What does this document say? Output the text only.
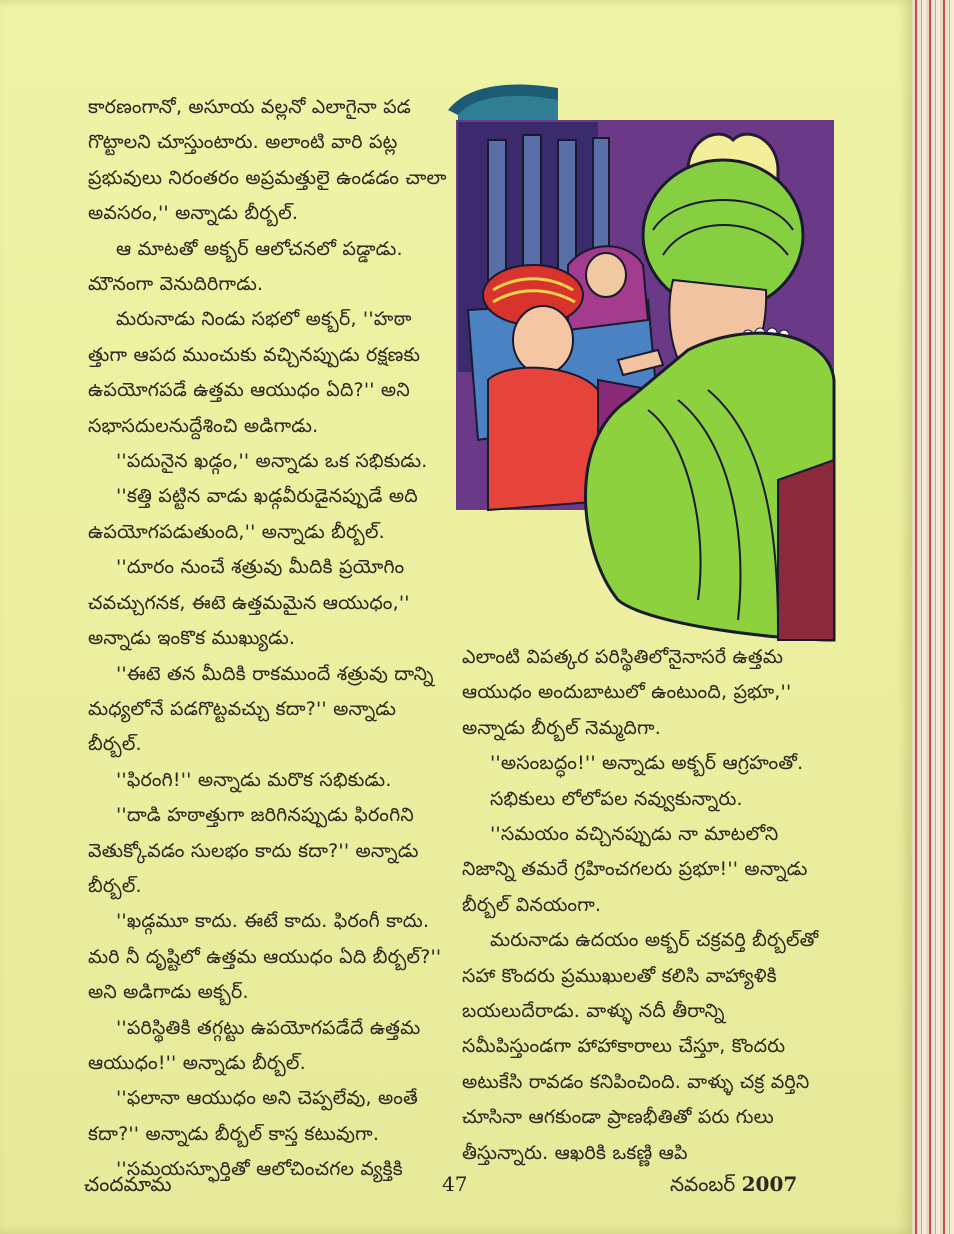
కారణంగానో, అసూయ వల్లనో ఎలాగైనా పడ గొట్టాలని చూస్తుంటారు. అలాంటి వారి పట్ల ప్రభువులు నిరంతరం అప్రమత్తులై ఉండడం చాలా అవసరం,'' అన్నాడు బీర్బల్.

ఆ మాటతో అక్బర్ ఆలోచనలో పడ్డాడు. మౌనంగా వెనుదిరిగాడు.

మరునాడు నిండు సభలో అక్బర్, ''హఠా త్తుగా ఆపద ముంచుకు వచ్చినప్పుడు రక్షణకు ఉపయోగపడే ఉత్తమ ఆయుధం ఏది?'' అని సభాసదులనుద్దేశించి అడిగాడు.

''పదునైన ఖడ్గం,'' అన్నాడు ఒక సభికుడు.

''కత్తి పట్టిన వాడు ఖడ్గవీరుడైనప్పుడే అది ఉపయోగపడుతుంది,'' అన్నాడు బీర్బల్.

''దూరం నుంచే శత్రువు మీదికి ప్రయోగిం చవచ్చుగనక, ఈటె ఉత్తమమైన ఆయుధం,'' అన్నాడు ఇంకొక ముఖ్యుడు.

''ఈటె తన మీదికి రాకముందే శత్రువు దాన్ని మధ్యలోనే పడగొట్టవచ్చు కదా?'' అన్నాడు బీర్బల్.

''ఫిరంగి!'' అన్నాడు మరొక సభికుడు.

''దాడి హఠాత్తుగా జరిగినప్పుడు ఫిరంగిని వెతుక్కోవడం సులభం కాదు కదా?'' అన్నాడు బీర్బల్.

''ఖడ్గమూ కాదు. ఈటే కాదు. ఫిరంగీ కాదు. మరి నీ దృష్టిలో ఉత్తమ ఆయుధం ఏది బీర్బల్?'' అని అడిగాడు అక్బర్.

''పరిస్థితికి తగ్గట్టు ఉపయోగపడేదే ఉత్తమ ఆయుధం!'' అన్నాడు బీర్బల్.

''ఫలానా ఆయుధం అని చెప్పలేవు, అంతే కదా?'' అన్నాడు బీర్బల్ కాస్త కటువుగా.

''సమయస్ఫూర్తితో ఆలోచించగల వ్యక్తికి

ఎలాంటి విపత్కర పరిస్థితిలోనైనాసరే ఉత్తమ ఆయుధం అందుబాటులో ఉంటుంది, ప్రభూ,'' అన్నాడు బీర్బల్ నెమ్మదిగా.

''అసంబద్ధం!'' అన్నాడు అక్బర్ ఆగ్రహంతో.

సభికులు లోలోపల నవ్వుకున్నారు.

''సమయం వచ్చినప్పుడు నా మాటలోని నిజాన్ని తమరే గ్రహించగలరు ప్రభూ!'' అన్నాడు బీర్బల్ వినయంగా.

మరునాడు ఉదయం అక్బర్ చక్రవర్తి బీర్బల్‌తో సహా కొందరు ప్రముఖులతో కలిసి వాహ్యాళికి బయలుదేరాడు. వాళ్ళు నదీ తీరాన్ని సమీపిస్తుండగా హాహాకారాలు చేస్తూ, కొందరు అటుకేసి రావడం కనిపించింది. వాళ్ళు చక్ర వర్తిని చూసినా ఆగకుండా ప్రాణభీతితో పరు గులు తీస్తున్నారు. ఆఖరికి ఒకణ్ణి ఆపి

చందమామ	47	నవంబర్ 2007
